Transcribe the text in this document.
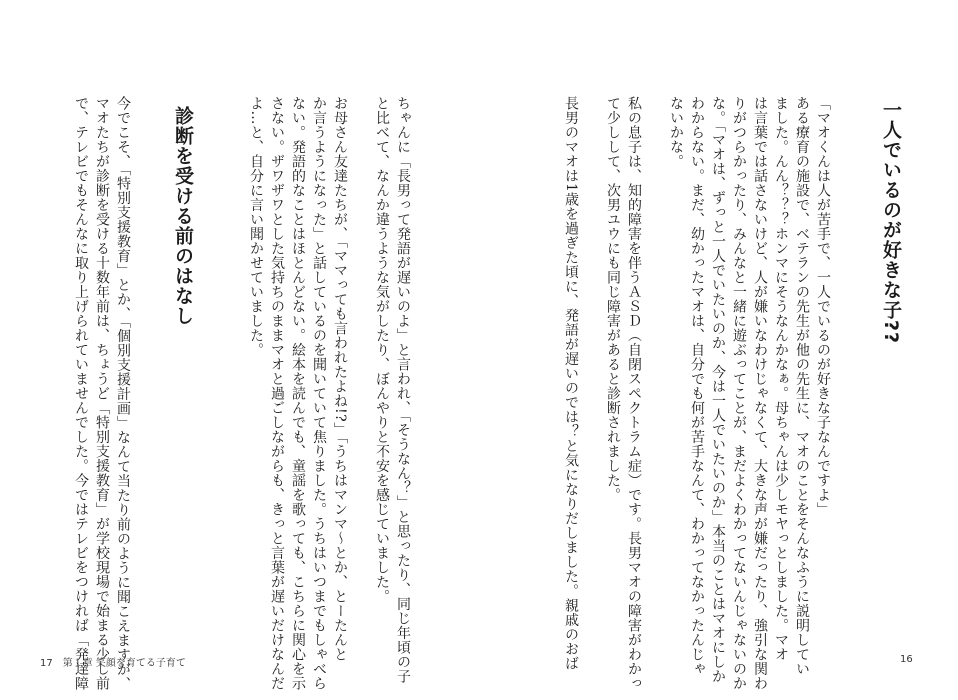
一人でいるのが好きな子??
「マオくんは人が苦手で、一人でいるのが好きな子なんですよ」
ある療育の施設で、ベテランの先生が他の先生に、マオのことをそんなふうに説明してい
ました。んん？？？ホンマにそうなんかなぁ。母ちゃんは少しモヤっとしました。マオ
は言葉では話さないけど、人が嫌いなわけじゃなくて、大きな声が嫌だったり、強引な関わ
りがつらかったり、みんなと一緒に遊ぶってことが、まだよくわかってないんじゃないのか
な。「マオは、ずっと一人でいたいのか、今は一人でいたいのか」本当のことはマオにしか
わからない。まだ、幼かったマオは、自分でも何が苦手なんて、わかってなかったんじゃ
ないかな。
私の息子は、知的障害を伴うＡＳＤ（自閉スペクトラム症）です。長男マオの障害がわかっ
て少しして、次男ユウにも同じ障害があると診断されました。
長男のマオは1歳を過ぎた頃に、発語が遅いのでは？と気になりだしました。親戚のおば	16
ちゃんに「長男って発語が遅いのよ」と言われ、「そうなん？」と思ったり、同じ年頃の子
と比べて、なんか違うような気がしたり、ぼんやりと不安を感じていました。
お母さん友達たちが、「ママっても言われたよね!?」「うちはマンマ～とか、とーたんと
か言うようになった」と話しているのを聞いていて焦りました。うちはいつまでもしゃべら
ない。発語的なことはほとんどない。絵本を読んでも、童謡を歌っても、こちらに関心を示
さない。ザワザワとした気持ちのままマオと過ごしながらも、きっと言葉が遅いだけなんだ
よ…と、自分に言い聞かせていました。
診断を受ける前のはなし
今でこそ、「特別支援教育」とか、「個別支援計画」なんて当たり前のように聞こえますが、
マオたちが診断を受ける十数年前は、ちょうど「特別支援教育」が学校現場で始まる少し前
で、テレビでもそんなに取り上げられていませんでした。今ではテレビをつければ「発達障
17　第１章 笑顔を育てる子育て
